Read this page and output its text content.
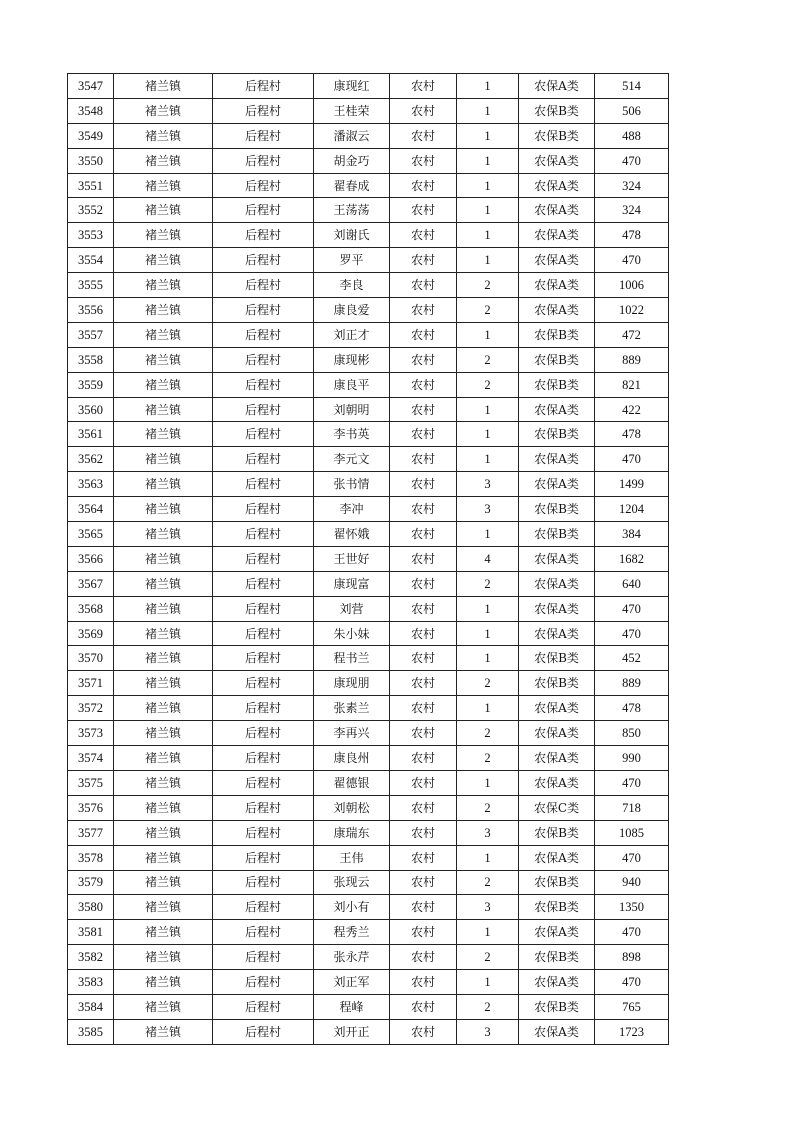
3547	褚兰镇	后程村	康现红	农村	1	农保A类	514
3548	褚兰镇	后程村	王桂荣	农村	1	农保B类	506
3549	褚兰镇	后程村	潘淑云	农村	1	农保B类	488
3550	褚兰镇	后程村	胡金巧	农村	1	农保A类	470
3551	褚兰镇	后程村	翟春成	农村	1	农保A类	324
3552	褚兰镇	后程村	王荡荡	农村	1	农保A类	324
3553	褚兰镇	后程村	刘谢氏	农村	1	农保A类	478
3554	褚兰镇	后程村	罗平	农村	1	农保A类	470
3555	褚兰镇	后程村	李良	农村	2	农保A类	1006
3556	褚兰镇	后程村	康良爱	农村	2	农保A类	1022
3557	褚兰镇	后程村	刘正才	农村	1	农保B类	472
3558	褚兰镇	后程村	康现彬	农村	2	农保B类	889
3559	褚兰镇	后程村	康良平	农村	2	农保B类	821
3560	褚兰镇	后程村	刘朝明	农村	1	农保A类	422
3561	褚兰镇	后程村	李书英	农村	1	农保B类	478
3562	褚兰镇	后程村	李元文	农村	1	农保A类	470
3563	褚兰镇	后程村	张书情	农村	3	农保A类	1499
3564	褚兰镇	后程村	李冲	农村	3	农保B类	1204
3565	褚兰镇	后程村	翟怀娥	农村	1	农保B类	384
3566	褚兰镇	后程村	王世好	农村	4	农保A类	1682
3567	褚兰镇	后程村	康现富	农村	2	农保A类	640
3568	褚兰镇	后程村	刘营	农村	1	农保A类	470
3569	褚兰镇	后程村	朱小妹	农村	1	农保A类	470
3570	褚兰镇	后程村	程书兰	农村	1	农保B类	452
3571	褚兰镇	后程村	康现朋	农村	2	农保B类	889
3572	褚兰镇	后程村	张素兰	农村	1	农保A类	478
3573	褚兰镇	后程村	李再兴	农村	2	农保A类	850
3574	褚兰镇	后程村	康良州	农村	2	农保A类	990
3575	褚兰镇	后程村	翟德银	农村	1	农保A类	470
3576	褚兰镇	后程村	刘朝松	农村	2	农保C类	718
3577	褚兰镇	后程村	康瑞东	农村	3	农保B类	1085
3578	褚兰镇	后程村	王伟	农村	1	农保A类	470
3579	褚兰镇	后程村	张现云	农村	2	农保B类	940
3580	褚兰镇	后程村	刘小有	农村	3	农保B类	1350
3581	褚兰镇	后程村	程秀兰	农村	1	农保A类	470
3582	褚兰镇	后程村	张永芹	农村	2	农保B类	898
3583	褚兰镇	后程村	刘正军	农村	1	农保A类	470
3584	褚兰镇	后程村	程峰	农村	2	农保B类	765
3585	褚兰镇	后程村	刘开正	农村	3	农保A类	1723
